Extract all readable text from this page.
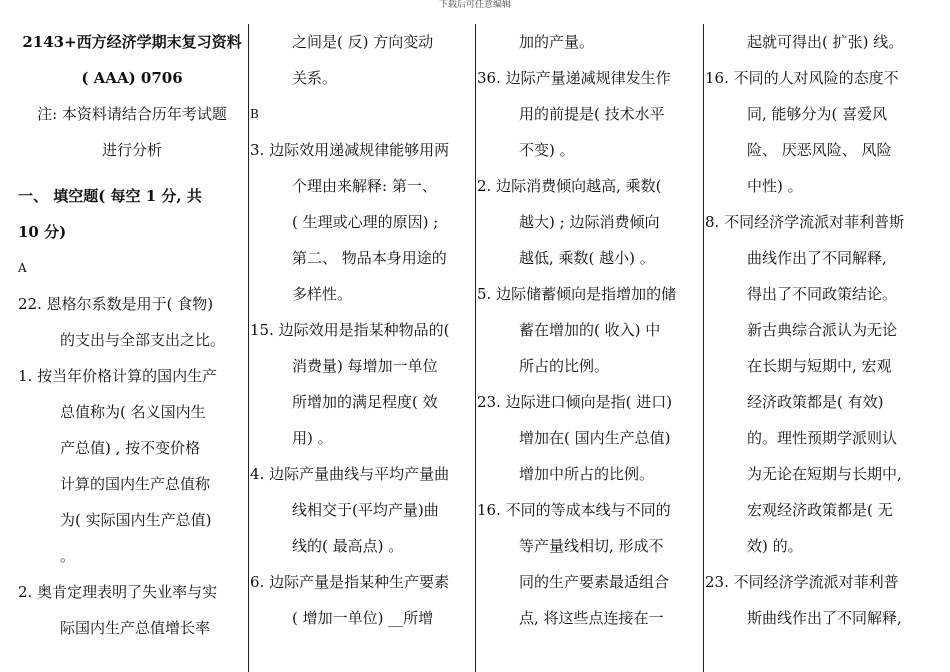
下载后可任意编辑
2143+西方经济学期末复习资料
( AAA) 0706
注: 本资料请结合历年考试题
进行分析
一、 填空题( 每空 1 分, 共
10 分)
A
22. 恩格尔系数是用于( 食物)
的支出与全部支出之比。
1. 按当年价格计算的国内生产
总值称为( 名义国内生
产总值) , 按不变价格
计算的国内生产总值称
为( 实际国内生产总值)
。
2. 奥肯定理表明了失业率与实
际国内生产总值增长率
之间是( 反) 方向变动
关系。
B
3. 边际效用递减规律能够用两
个理由来解释: 第一、
( 生理或心理的原因) ;
第二、 物品本身用途的
多样性。
15. 边际效用是指某种物品的(
消费量) 每增加一单位
所增加的满足程度( 效
用) 。
4. 边际产量曲线与平均产量曲
线相交于(平均产量)曲
线的( 最高点) 。
6. 边际产量是指某种生产要素
( 增加一单位) __所增
加的产量。
36. 边际产量递减规律发生作
用的前提是( 技术水平
不变) 。
2. 边际消费倾向越高, 乘数(
越大) ; 边际消费倾向
越低, 乘数( 越小) 。
5. 边际储蓄倾向是指增加的储
蓄在增加的( 收入) 中
所占的比例。
23. 边际进口倾向是指( 进口)
增加在( 国内生产总值)
增加中所占的比例。
16. 不同的等成本线与不同的
等产量线相切, 形成不
同的生产要素最适组合
点, 将这些点连接在一
起就可得出( 扩张) 线。
16. 不同的人对风险的态度不
同, 能够分为( 喜爱风
险、 厌恶风险、 风险
中性) 。
8. 不同经济学流派对菲利普斯
曲线作出了不同解释,
得出了不同政策结论。
新古典综合派认为无论
在长期与短期中, 宏观
经济政策都是( 有效)
的。理性预期学派则认
为无论在短期与长期中,
宏观经济政策都是( 无
效) 的。
23. 不同经济学流派对菲利普
斯曲线作出了不同解释,
